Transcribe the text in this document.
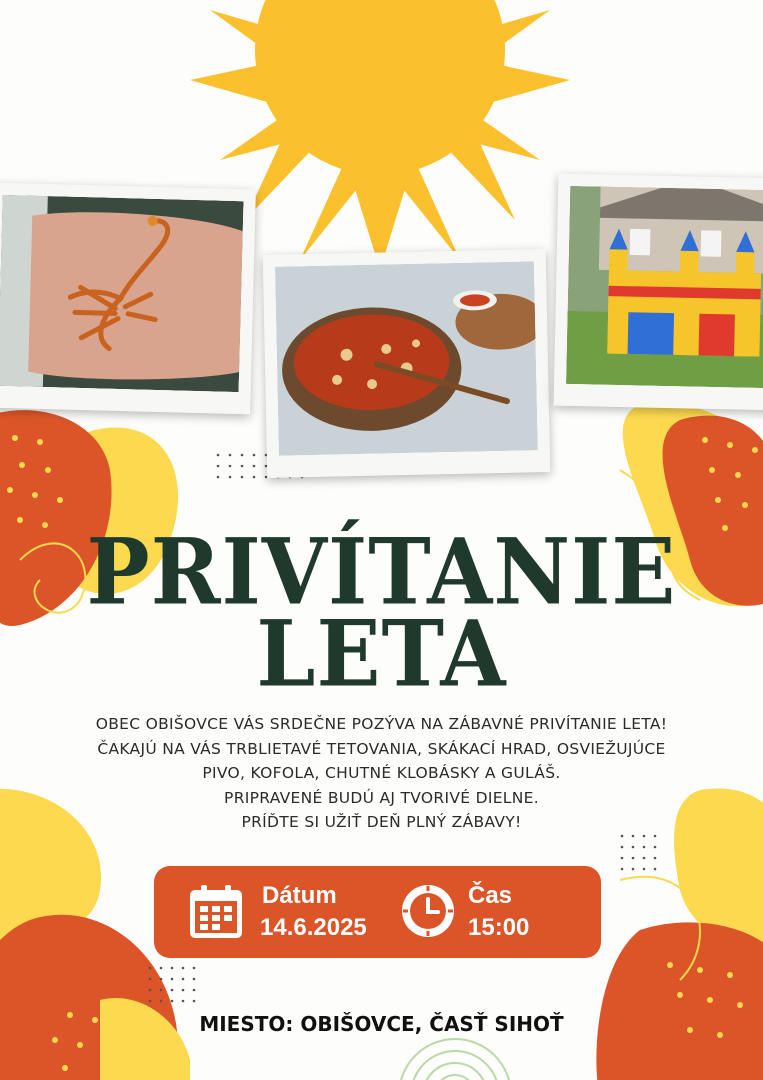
PRIVÍTANIE
LETA
OBEC OBIŠOVCE VÁS SRDEČNE POZÝVA NA ZÁBAVNÉ PRIVÍTANIE LETA!
ČAKAJÚ NA VÁS TRBLIETAVÉ TETOVANIA, SKÁKACÍ HRAD, OSVIEŽUJÚCE
PIVO, KOFOLA, CHUTNÉ KLOBÁSKY A GULÁŠ.
PRIPRAVENÉ BUDÚ AJ TVORIVÉ DIELNE.
PRÍĎTE SI UŽIŤ DEŇ PLNÝ ZÁBAVY!
Dátum
14.6.2025
Čas
15:00
MIESTO: OBIŠOVCE, ČASŤ SIHOŤ
